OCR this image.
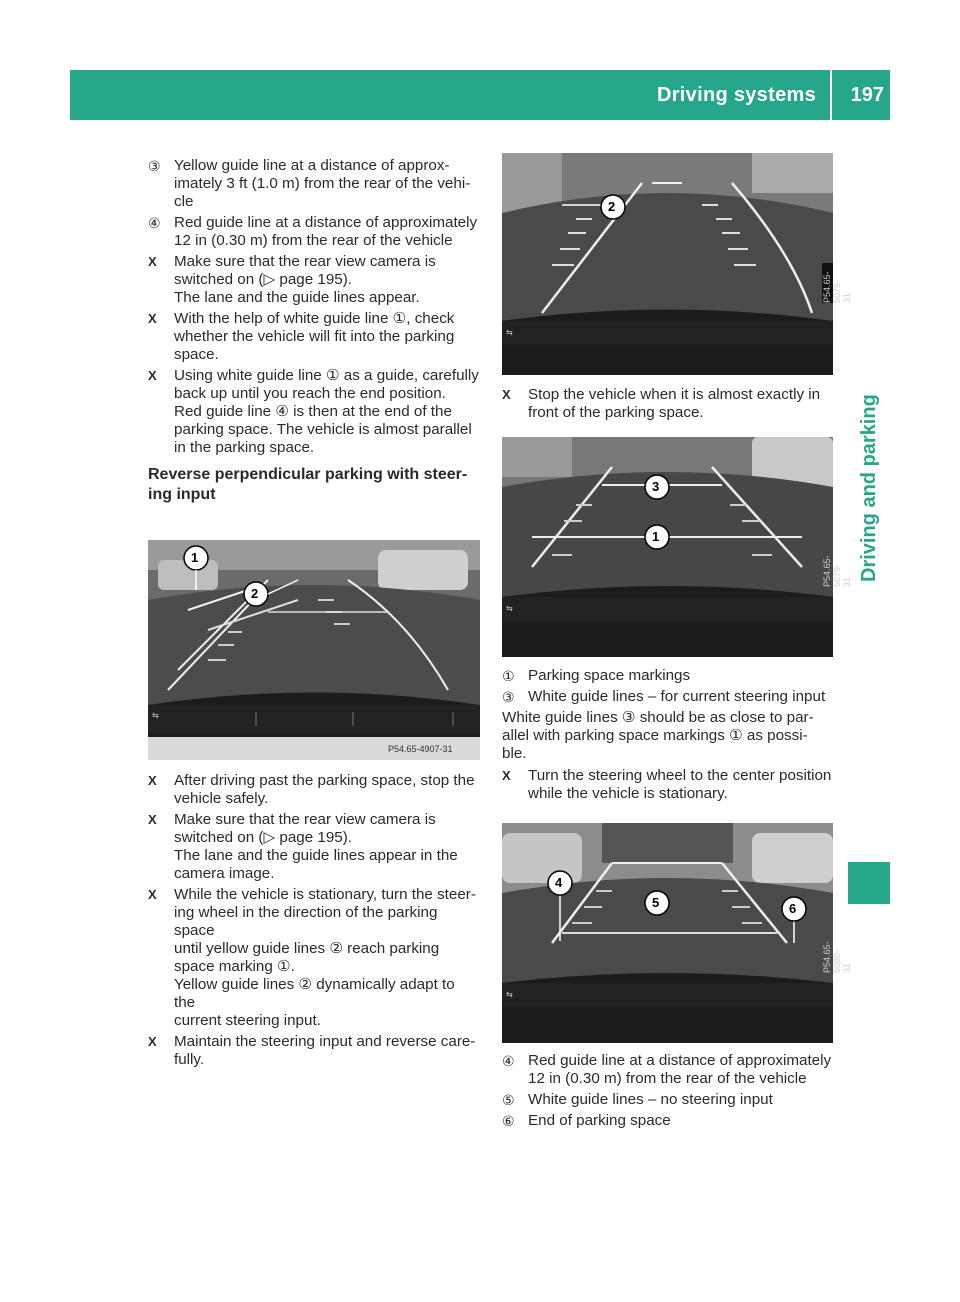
Driving systems 197
Driving and parking
③ Yellow guide line at a distance of approx-
imately 3 ft (1.0 m) from the rear of the vehi-
cle
④ Red guide line at a distance of approximately
12 in (0.30 m) from the rear of the vehicle
X	Make sure that the rear view camera is
switched on (▷ page 195).
The lane and the guide lines appear.
X	With the help of white guide line ①, check
whether the vehicle will fit into the parking
space.
X	Using white guide line ① as a guide, carefully
back up until you reach the end position.
Red guide line ④ is then at the end of the
parking space. The vehicle is almost parallel
in the parking space.
Reverse perpendicular parking with steer-
ing input
⇆
P54.65-4907-31
1
2
X	After driving past the parking space, stop the
vehicle safely.
X	Make sure that the rear view camera is
switched on (▷ page 195).
The lane and the guide lines appear in the
camera image.
X	While the vehicle is stationary, turn the steer-
ing wheel in the direction of the parking space
until yellow guide lines ② reach parking
space marking ①.
Yellow guide lines ② dynamically adapt to the
current steering input.
X	Maintain the steering input and reverse care-
fully.
⇆
2
P54.65-5078-31
X	Stop the vehicle when it is almost exactly in
front of the parking space.
⇆
3
1
P54.65-5079-31
① Parking space markings
③ White guide lines – for current steering input

White guide lines ③ should be as close to par-
allel with parking space markings ① as possi-
ble.

X	Turn the steering wheel to the center position
while the vehicle is stationary.
⇆
4
5	6
P54.65-5080-31
④ Red guide line at a distance of approximately
12 in (0.30 m) from the rear of the vehicle
⑤ White guide lines – no steering input
⑥ End of parking space
